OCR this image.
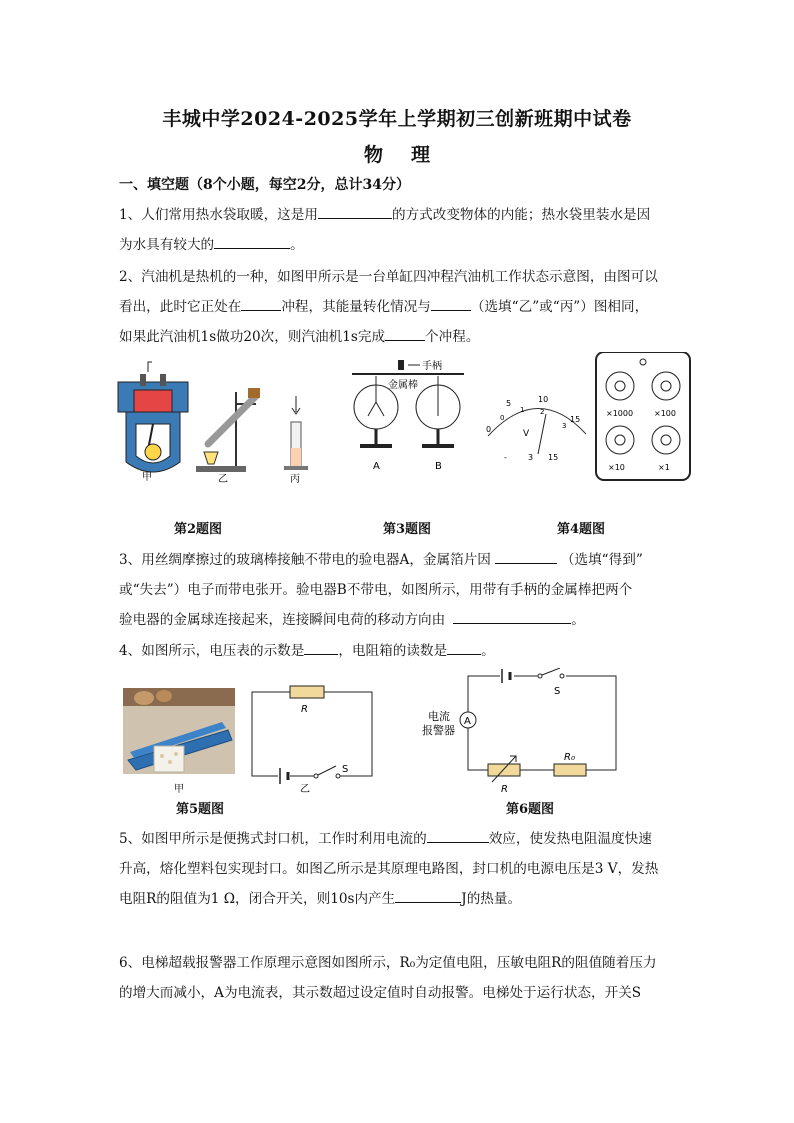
丰城中学2024-2025学年上学期初三创新班期中试卷
物 理
一、填空题（8个小题，每空2分，总计34分）
1、人们常用热水袋取暖，这是用	的方式改变物体的内能；热水袋里装水是因
为水具有较大的	。
2、汽油机是热机的一种，如图甲所示是一台单缸四冲程汽油机工作状态示意图，由图可以
看出，此时它正处在	冲程，其能量转化情况与	（选填“乙”或“丙”）图相同，
如果此汽油机1s做功20次，则汽油机1s完成	个冲程。
甲	乙	丙
手柄
金属棒
A	B
0
5	10
15
0
1 2
3
V
-	3 15
×1000	×100
×10	×1
第2题图	第3题图	第4题图
3、用丝绸摩擦过的玻璃棒接触不带电的验电器A，金属箔片因	（选填“得到”
或“失去”）电子而带电张开。验电器B不带电，如图所示，用带有手柄的金属棒把两个
验电器的金属球连接起来，连接瞬间电荷的移动方向由	。
4、如图所示，电压表的示数是	，电阻箱的读数是	。
甲
R
S
乙
电流
报警器
S
A
R
R₀
第5题图	第6题图
5、如图甲所示是便携式封口机，工作时利用电流的	效应，使发热电阻温度快速
升高，熔化塑料包实现封口。如图乙所示是其原理电路图，封口机的电源电压是3 V，发热
电阻R的阻值为1 Ω，闭合开关，则10s内产生	J的热量。
6、电梯超载报警器工作原理示意图如图所示，R₀为定值电阻，压敏电阻R的阻值随着压力
的增大而减小，A为电流表，其示数超过设定值时自动报警。电梯处于运行状态，开关S
